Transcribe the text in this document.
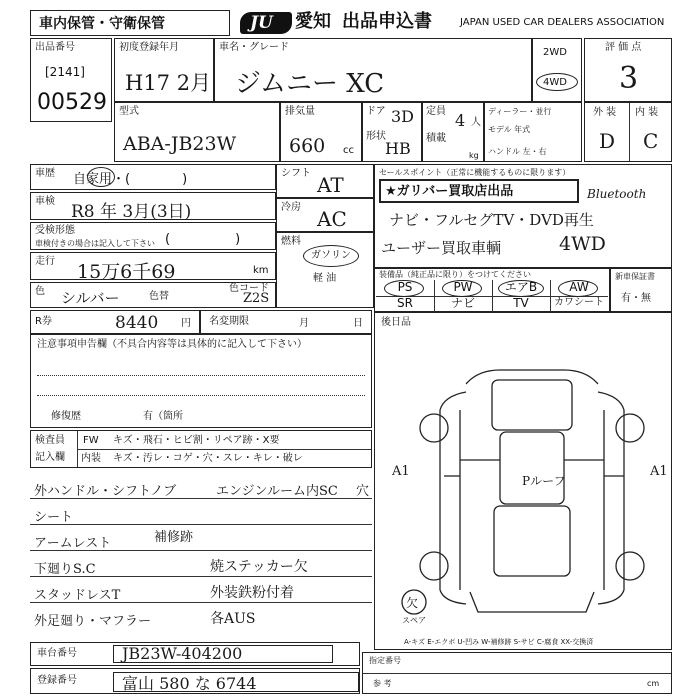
車内保管・守衛保管	JU 愛知 出品申込書	JAPAN USED CAR DEALERS ASSOCIATION
出品番号
[2141]
00529
初度登録年月
H17 2月
車名・グレード
ジムニー XC
2WD
4WD
評 価 点
3
型式
ABA-JB23W
排気量
660 cc
ドア 3D
形状
HB
定員 4 人
積載
kg
ディーラー・並行
モデル 年式
ハンドル 左・右
外 装 内 装
D C
車歴 自家用・(　　　　)
車検
R8 年 3月(3日)
受検形態
車検付きの場合は記入して下さい (　　　　　)
走行 15万6千69	km
色 シルバー	色替
色コード
Z2S
シフト AT
冷房 AC
燃料
ガソリン
軽 油
セールスポイント（正常に機能するものに限ります）
★ガリバー買取店出品	Bluetooth
ナビ・フルセグTV・DVD再生
ユーザー買取車輌	4WD
装備品（純正品に限り）をつけてください
PS	PW	エアB	AW
SR	ナビ	TV	カワシート
新車保証書
有・無
R券	8440 円 名変期限	月	日
注意事項申告欄（不具合内容等は具体的に記入して下さい）
修復歴	有（箇所
後日品
A1	A1
Pルーフ
欠
スペア
A-キズ E-エクボ U-凹み W-補修跡 S-サビ C-腐食 XX-交換済
検査員
記入欄
FW キズ・飛石・ヒビ割・リペア跡・X要
内装 キズ・汚レ・コゲ・穴・スレ・キレ・破レ
外ハンドル・シフトノブ	エンジンルーム内SC 穴
シート
アームレスト	補修跡
下廻りS.C	焼ステッカー欠
スタッドレスT	外装鉄粉付着
外足廻り・マフラー	各AUS
車台番号	JB23W-404200
登録番号	富山 580 な 6744
指定番号
参 考	cm
